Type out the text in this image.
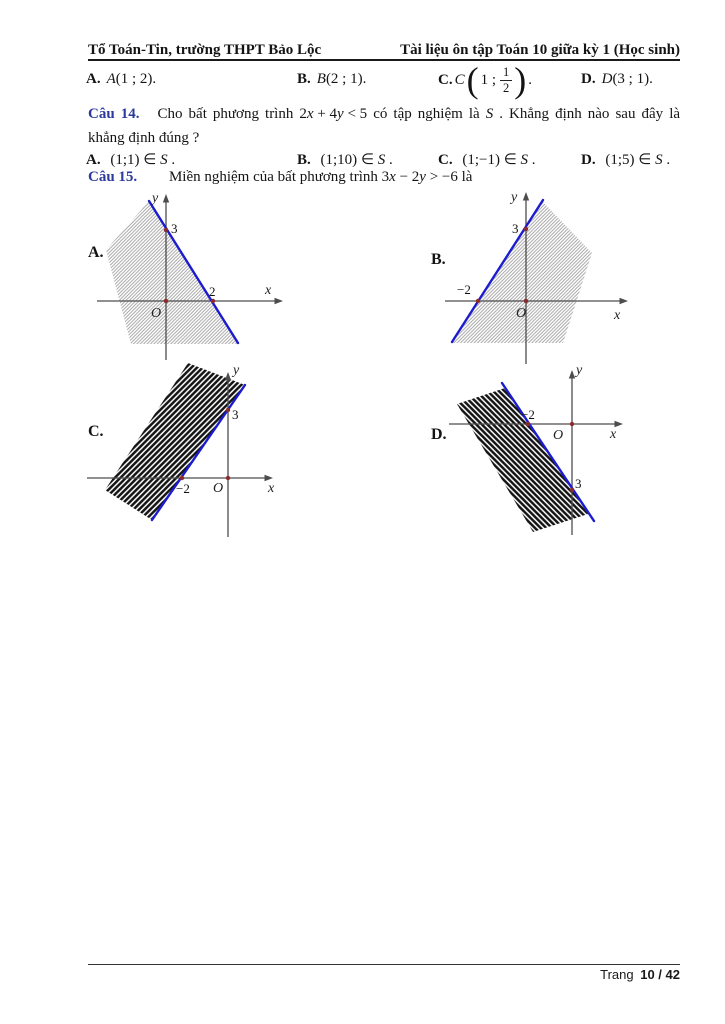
Tổ Toán-Tin, trường THPT Bảo Lộc	Tài liệu ôn tập Toán 10 giữa kỳ 1 (Học sinh)
A. A(1 ; 2).	B. B(2 ; 1).	C. C ( 1 ; $\frac{1}{2}$ ) .	D. D(3 ; 1).
Câu 14. Cho bất phương trình 2x + 4y < 5 có tập nghiệm là S . Khẳng định nào sau đây là
khẳng định đúng ?
A. (1;1) ∈ S .	B. (1;10) ∈ S .	C. (1;−1) ∈ S .	D. (1;5) ∈ S .
Câu 15. Miền nghiệm của bất phương trình 3x − 2y > −6 là
A.	B.
C.	D.
3
2
O
x
y
3
−2
O	x
y
3
−2 O	x
y
−2
3
O	x
y
Trang 10 / 42
